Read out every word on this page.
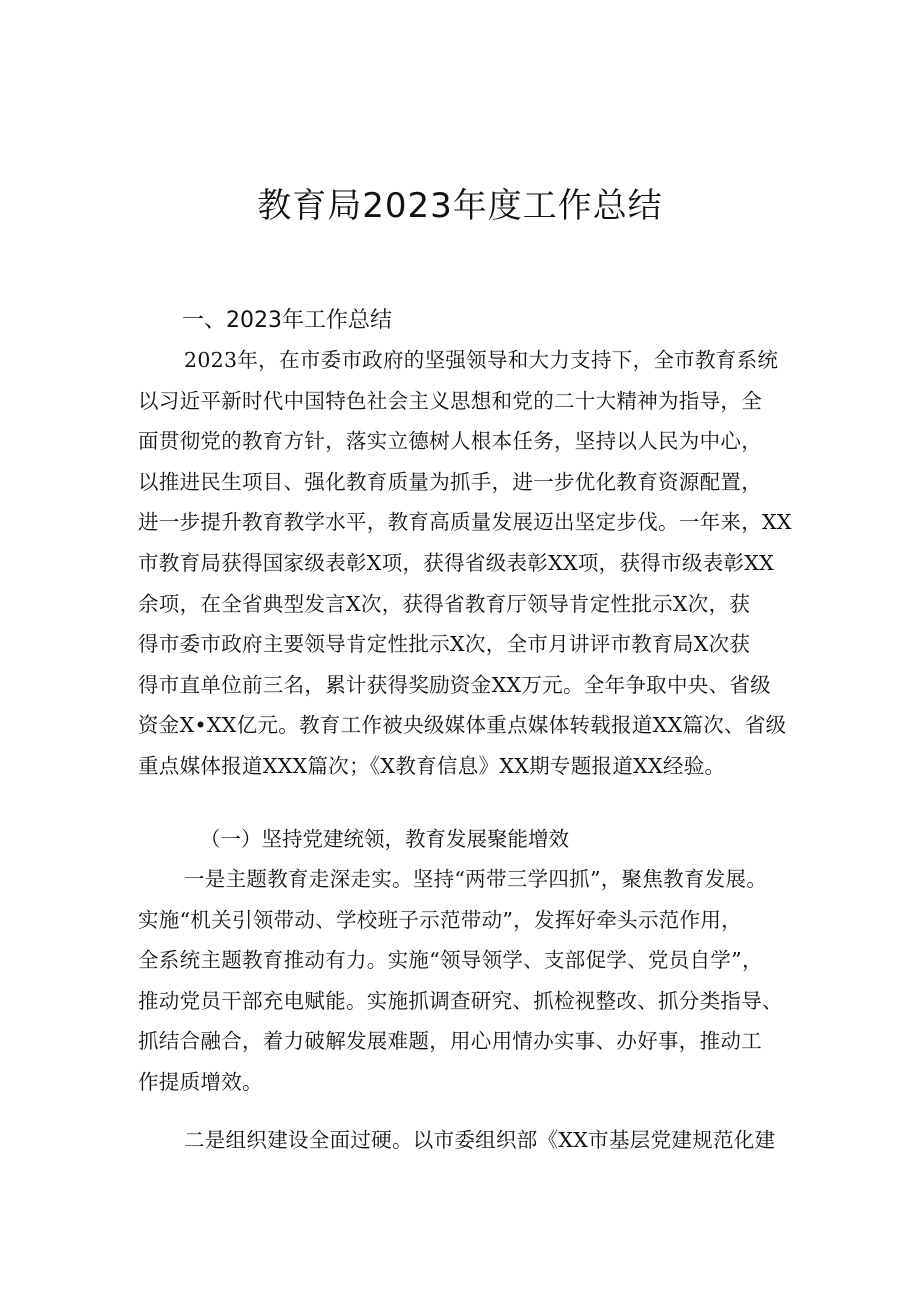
教育局2023年度工作总结
一、2023年工作总结
2023年，在市委市政府的坚强领导和大力支持下，全市教育系统
以习近平新时代中国特色社会主义思想和党的二十大精神为指导，全
面贯彻党的教育方针，落实立德树人根本任务，坚持以人民为中心，
以推进民生项目、强化教育质量为抓手，进一步优化教育资源配置，
进一步提升教育教学水平，教育高质量发展迈出坚定步伐。一年来，XX
市教育局获得国家级表彰X项，获得省级表彰XX项，获得市级表彰XX
余项，在全省典型发言X次，获得省教育厅领导肯定性批示X次，获
得市委市政府主要领导肯定性批示X次，全市月讲评市教育局X次获
得市直单位前三名，累计获得奖励资金XX万元。全年争取中央、省级
资金X•XX亿元。教育工作被央级媒体重点媒体转载报道XX篇次、省级
重点媒体报道XXX篇次；《X教育信息》XX期专题报道XX经验。
（一）坚持党建统领，教育发展聚能增效
一是主题教育走深走实。坚持“两带三学四抓”，聚焦教育发展。
实施“机关引领带动、学校班子示范带动”，发挥好牵头示范作用，
全系统主题教育推动有力。实施“领导领学、支部促学、党员自学”，
推动党员干部充电赋能。实施抓调查研究、抓检视整改、抓分类指导、
抓结合融合，着力破解发展难题，用心用情办实事、办好事，推动工
作提质增效。
二是组织建设全面过硬。以市委组织部《XX市基层党建规范化建
